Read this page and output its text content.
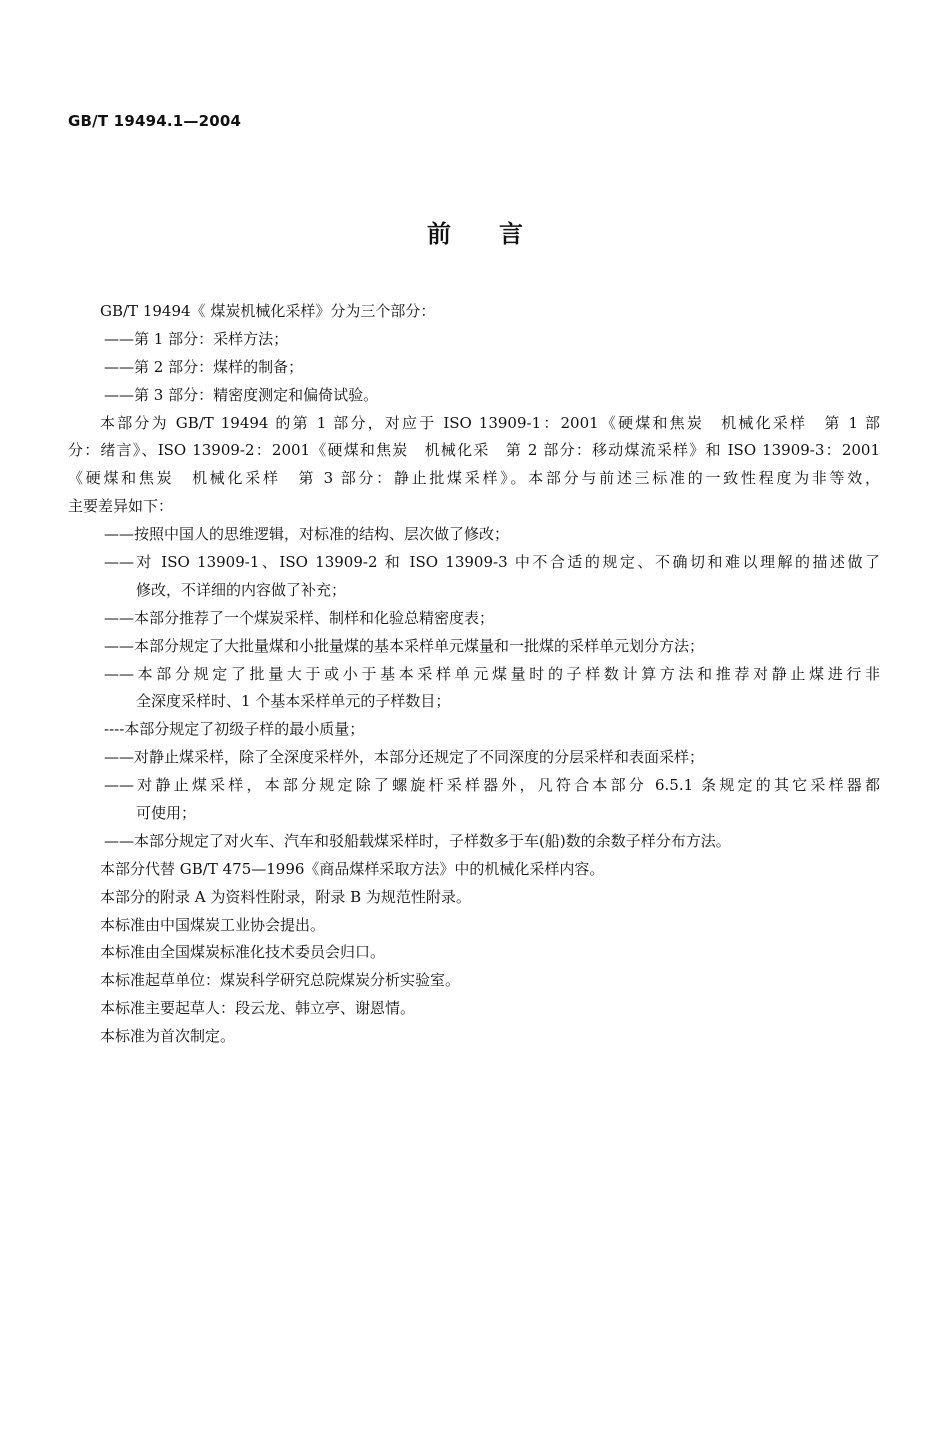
GB/T 19494.1—2004
前言
GB/T 19494《 煤炭机械化采样》分为三个部分：
——第 1 部分：采样方法；
——第 2 部分：煤样的制备；
——第 3 部分：精密度测定和偏倚试验。
本部分为 GB/T 19494 的第 1 部分，对应于 ISO 13909-1：2001《硬煤和焦炭　机械化采样　第 1 部
分：绪言》、ISO 13909-2：2001《硬煤和焦炭　机械化采　第 2 部分：移动煤流采样》和 ISO 13909-3：2001
《硬煤和焦炭　机械化采样　第 3 部分：静止批煤采样》。本部分与前述三标准的一致性程度为非等效，
主要差异如下：
——按照中国人的思维逻辑，对标准的结构、层次做了修改；
——对 ISO 13909-1、ISO 13909-2 和 ISO 13909-3 中不合适的规定、不确切和难以理解的描述做了
修改，不详细的内容做了补充；
——本部分推荐了一个煤炭采样、制样和化验总精密度表；
——本部分规定了大批量煤和小批量煤的基本采样单元煤量和一批煤的采样单元划分方法；
——本部分规定了批量大于或小于基本采样单元煤量时的子样数计算方法和推荐对静止煤进行非
全深度采样时、1 个基本采样单元的子样数目；
----本部分规定了初级子样的最小质量；
——对静止煤采样，除了全深度采样外，本部分还规定了不同深度的分层采样和表面采样；
——对静止煤采样，本部分规定除了螺旋杆采样器外，凡符合本部分 6.5.1 条规定的其它采样器都
可使用；
——本部分规定了对火车、汽车和驳船载煤采样时，子样数多于车(船)数的余数子样分布方法。
本部分代替 GB/T 475—1996《商品煤样采取方法》中的机械化采样内容。
本部分的附录 A 为资料性附录，附录 B 为规范性附录。
本标准由中国煤炭工业协会提出。
本标准由全国煤炭标准化技术委员会归口。
本标准起草单位：煤炭科学研究总院煤炭分析实验室。
本标准主要起草人：段云龙、韩立亭、谢恩情。
本标准为首次制定。
